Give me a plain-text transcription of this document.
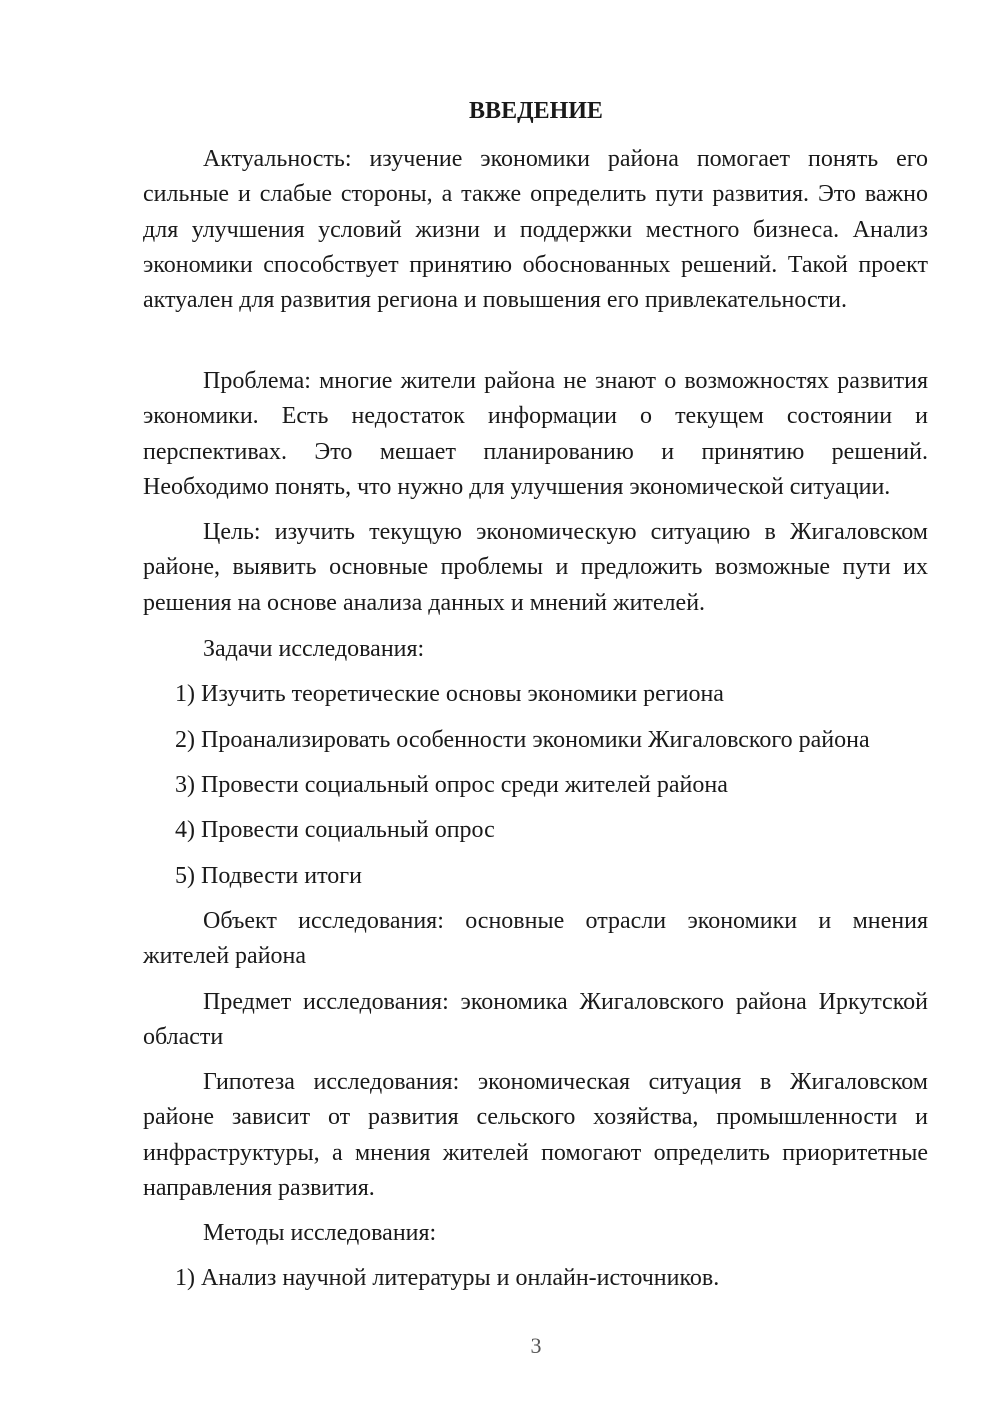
ВВЕДЕНИЕ

Актуальность: изучение экономики района помогает понять его сильные и слабые стороны, а также определить пути развития. Это важно для улучшения условий жизни и поддержки местного бизнеса. Анализ экономики способствует принятию обоснованных решений. Такой проект актуален для развития региона и повышения его привлекательности.

Проблема: многие жители района не знают о возможностях развития экономики. Есть недостаток информации о текущем состоянии и перспективах. Это мешает планированию и принятию решений. Необходимо понять, что нужно для улучшения экономической ситуации.

Цель: изучить текущую экономическую ситуацию в Жигаловском районе, выявить основные проблемы и предложить возможные пути их решения на основе анализа данных и мнений жителей.

Задачи исследования:
1) Изучить теоретические основы экономики региона
2) Проанализировать особенности экономики Жигаловского района
3) Провести социальный опрос среди жителей района
4) Провести социальный опрос
5) Подвести итоги

Объект исследования: основные отрасли экономики и мнения жителей района

Предмет исследования: экономика Жигаловского района Иркутской области

Гипотеза исследования: экономическая ситуация в Жигаловском районе зависит от развития сельского хозяйства, промышленности и инфраструктуры, а мнения жителей помогают определить приоритетные направления развития.

Методы исследования:
1) Анализ научной литературы и онлайн-источников.
3
